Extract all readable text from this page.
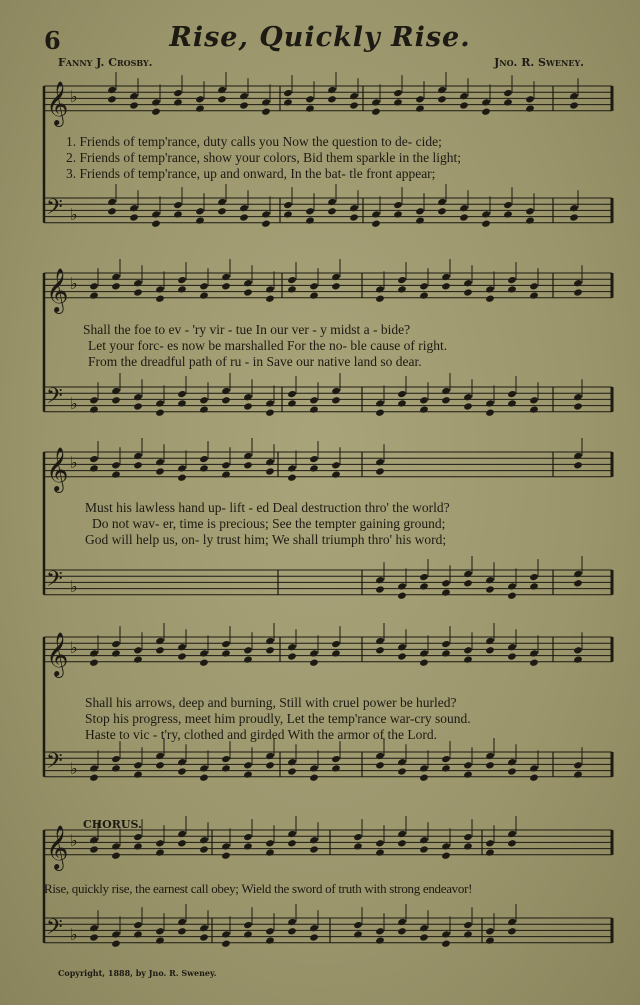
𝄞 ♭
𝄢 ♭
𝄞 ♭
𝄢 ♭
𝄞 ♭
𝄢 ♭
𝄞 ♭
𝄢 ♭
𝄞 ♭
𝄢 ♭
6	Rise, Quickly Rise.
Fanny J. Crosby.	Jno. R. Sweney.
1. Friends of temp'rance, duty calls you Now the question to de- cide;
2. Friends of temp'rance, show your colors, Bid them sparkle in the light;
3. Friends of temp'rance, up and onward, In the bat- tle front appear;
Shall the foe to ev - 'ry vir - tue In our ver - y midst a - bide?
Let your forc- es now be marshalled For the no- ble cause of right.
From the dreadful path of ru - in Save our native land so dear.
Must his lawless hand up- lift - ed Deal destruction thro' the world?
Do not wav- er, time is precious; See the tempter gaining ground;
God will help us, on- ly trust him; We shall triumph thro' his word;
Shall his arrows, deep and burning, Still with cruel power be hurled?
Stop his progress, meet him proudly, Let the temp'rance war-cry sound.
Haste to vic - t'ry, clothed and girded With the armor of the Lord.
CHORUS.
Rise, quickly rise, the earnest call obey; Wield the sword of truth with strong endeavor!
Copyright, 1888, by Jno. R. Sweney.
